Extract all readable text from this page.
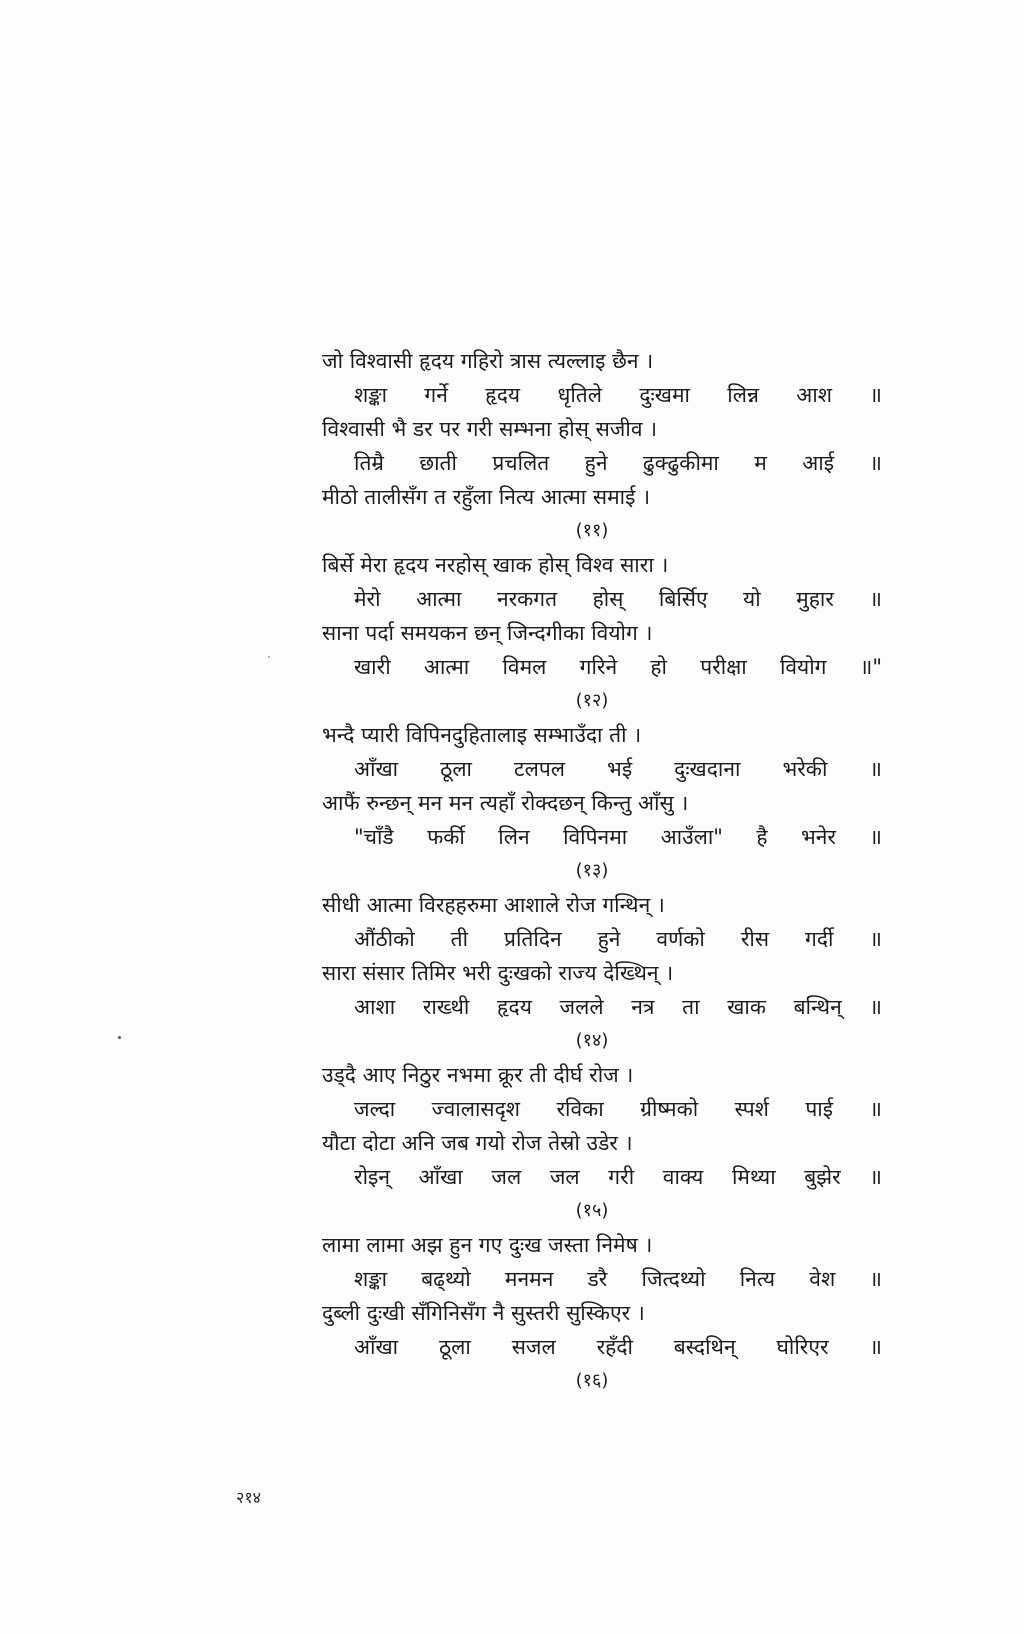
जो विश्वासी हृदय गहिरो त्रास त्यल्लाइ छैन ।
शङ्का गर्ने हृदय धृतिले दुःखमा लिन्न आश ॥
विश्वासी भै डर पर गरी सम्भना होस् सजीव ।
तिम्रै छाती प्रचलित हुने ढुक्ढुकीमा म आई ॥
मीठो तालीसँग त रहुँला नित्य आत्मा समाई ।
(११)
बिर्से मेरा हृदय नरहोस् खाक होस् विश्व सारा ।
मेरो आत्मा नरकगत होस् बिर्सिए यो मुहार ॥
साना पर्दा समयकन छन् जिन्दगीका वियोग ।
खारी आत्मा विमल गरिने हो परीक्षा वियोग ॥"
(१२)
भन्दै प्यारी विपिनदुहितालाइ सम्भाउँदा ती ।
आँखा ठूला टलपल भई दुःखदाना भरेकी ॥
आफैं रुन्छन् मन मन त्यहाँ रोक्दछन् किन्तु आँसु ।
"चाँडै फर्की लिन विपिनमा आउँला" है भनेर ॥
(१३)
सीधी आत्मा विरहहरुमा आशाले रोज गन्थिन् ।
औंठीको ती प्रतिदिन हुने वर्णको रीस गर्दी ॥
सारा संसार तिमिर भरी दुःखको राज्य देख्थिन् ।
आशा राख्थी हृदय जलले नत्र ता खाक बन्थिन् ॥
(१४)
उड्दै आए निठुर नभमा क्रूर ती दीर्घ रोज ।
जल्दा ज्वालासदृश रविका ग्रीष्मको स्पर्श पाई ॥
यौटा दोटा अनि जब गयो रोज तेस्रो उडेर ।
रोइन् आँखा जल जल गरी वाक्य मिथ्या बुझेर ॥
(१५)
लामा लामा अझ हुन गए दुःख जस्ता निमेष ।
शङ्का बढ्थ्यो मनमन डरै जित्दथ्यो नित्य वेश ॥
दुब्ली दुःखी सँगिनिसँग नै सुस्तरी सुस्किएर ।
आँखा ठूला सजल रहँदी बस्दथिन् घोरिएर ॥
(१६)
२१४
